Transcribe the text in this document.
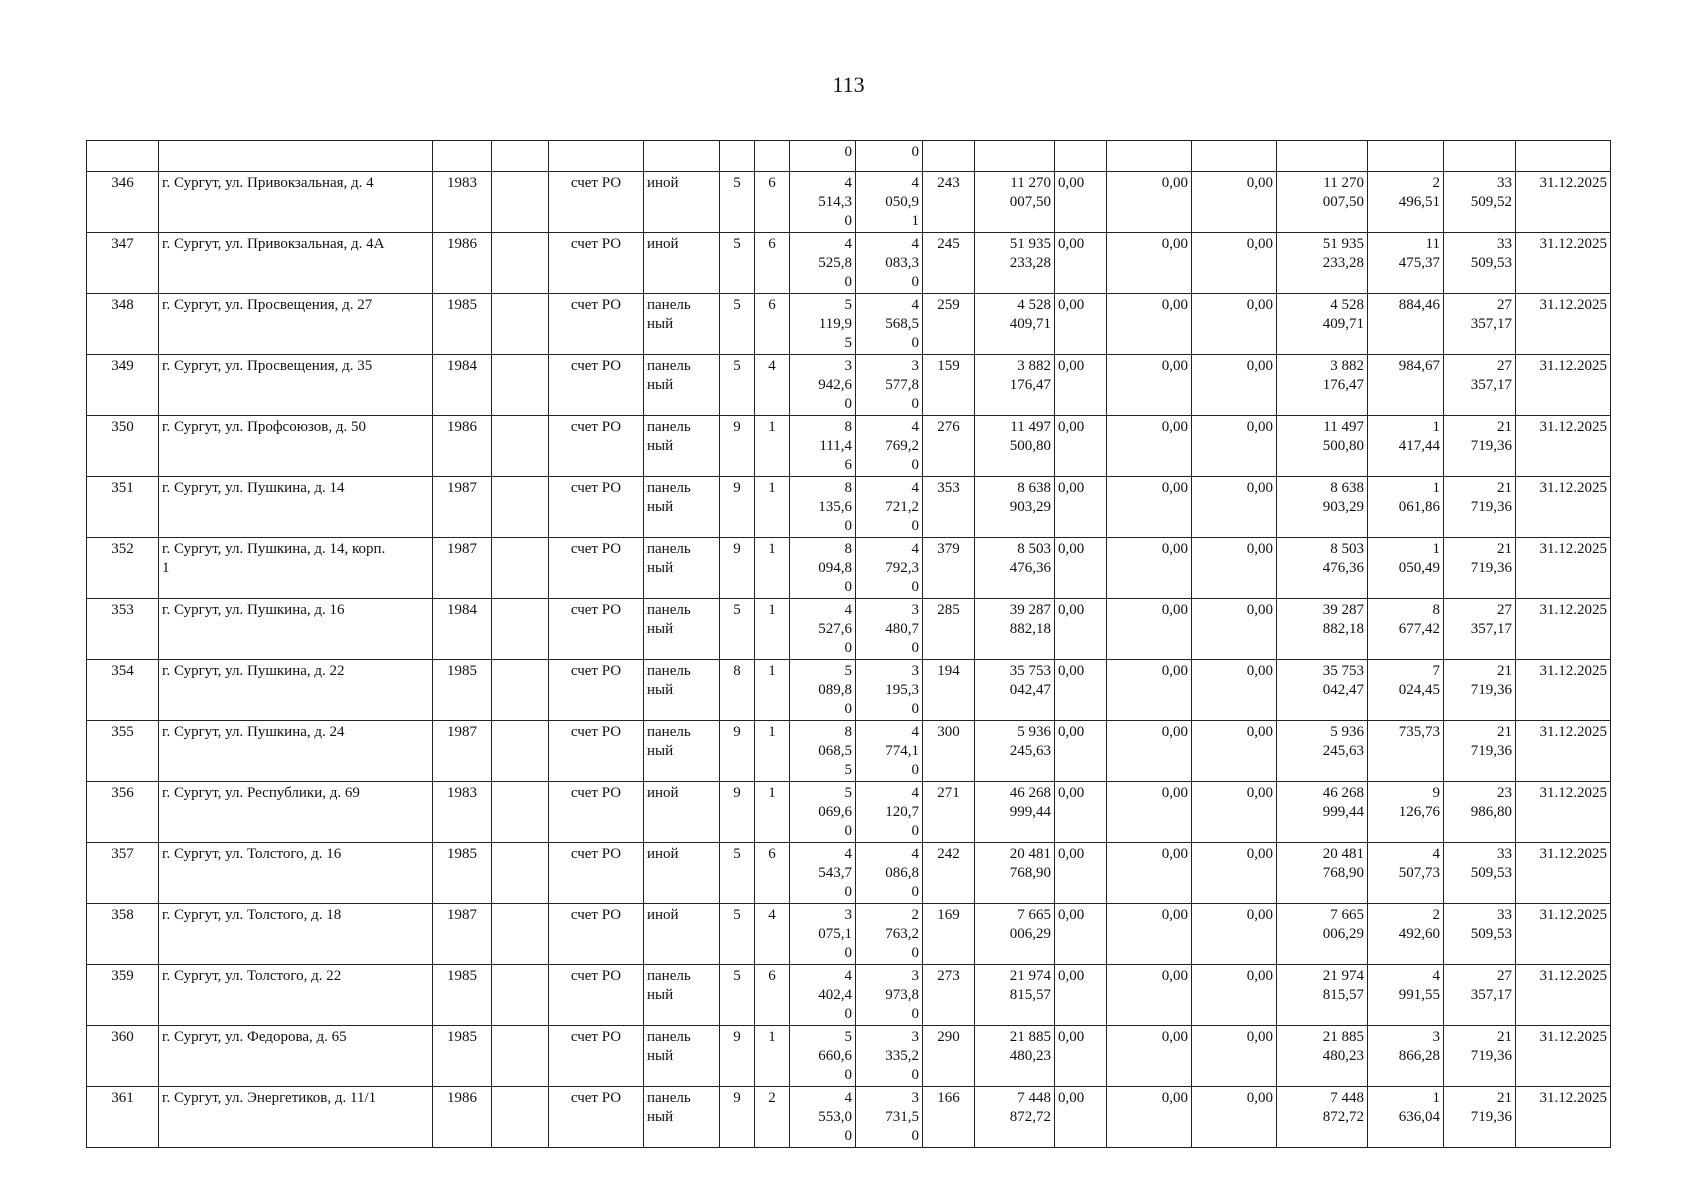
113
								0	0									
346	г. Сургут, ул. Привокзальная, д. 4	1983		счет РО	иной	5	6	4
514,3
0	4
050,9
1	243	11 270
007,50	0,00	0,00	0,00	11 270
007,50	2
496,51	33
509,52	31.12.2025
347	г. Сургут, ул. Привокзальная, д. 4А	1986		счет РО	иной	5	6	4
525,8
0	4
083,3
0	245	51 935
233,28	0,00	0,00	0,00	51 935
233,28	11
475,37	33
509,53	31.12.2025
348	г. Сургут, ул. Просвещения, д. 27	1985		счет РО	панель
ный	5	6	5
119,9
5	4
568,5
0	259	4 528
409,71	0,00	0,00	0,00	4 528
409,71	884,46	27
357,17	31.12.2025
349	г. Сургут, ул. Просвещения, д. 35	1984		счет РО	панель
ный	5	4	3
942,6
0	3
577,8
0	159	3 882
176,47	0,00	0,00	0,00	3 882
176,47	984,67	27
357,17	31.12.2025
350	г. Сургут, ул. Профсоюзов, д. 50	1986		счет РО	панель
ный	9	1	8
111,4
6	4
769,2
0	276	11 497
500,80	0,00	0,00	0,00	11 497
500,80	1
417,44	21
719,36	31.12.2025
351	г. Сургут, ул. Пушкина, д. 14	1987		счет РО	панель
ный	9	1	8
135,6
0	4
721,2
0	353	8 638
903,29	0,00	0,00	0,00	8 638
903,29	1
061,86	21
719,36	31.12.2025
352	г. Сургут, ул. Пушкина, д. 14, корп.
1	1987		счет РО	панель
ный	9	1	8
094,8
0	4
792,3
0	379	8 503
476,36	0,00	0,00	0,00	8 503
476,36	1
050,49	21
719,36	31.12.2025
353	г. Сургут, ул. Пушкина, д. 16	1984		счет РО	панель
ный	5	1	4
527,6
0	3
480,7
0	285	39 287
882,18	0,00	0,00	0,00	39 287
882,18	8
677,42	27
357,17	31.12.2025
354	г. Сургут, ул. Пушкина, д. 22	1985		счет РО	панель
ный	8	1	5
089,8
0	3
195,3
0	194	35 753
042,47	0,00	0,00	0,00	35 753
042,47	7
024,45	21
719,36	31.12.2025
355	г. Сургут, ул. Пушкина, д. 24	1987		счет РО	панель
ный	9	1	8
068,5
5	4
774,1
0	300	5 936
245,63	0,00	0,00	0,00	5 936
245,63	735,73	21
719,36	31.12.2025
356	г. Сургут, ул. Республики, д. 69	1983		счет РО	иной	9	1	5
069,6
0	4
120,7
0	271	46 268
999,44	0,00	0,00	0,00	46 268
999,44	9
126,76	23
986,80	31.12.2025
357	г. Сургут, ул. Толстого, д. 16	1985		счет РО	иной	5	6	4
543,7
0	4
086,8
0	242	20 481
768,90	0,00	0,00	0,00	20 481
768,90	4
507,73	33
509,53	31.12.2025
358	г. Сургут, ул. Толстого, д. 18	1987		счет РО	иной	5	4	3
075,1
0	2
763,2
0	169	7 665
006,29	0,00	0,00	0,00	7 665
006,29	2
492,60	33
509,53	31.12.2025
359	г. Сургут, ул. Толстого, д. 22	1985		счет РО	панель
ный	5	6	4
402,4
0	3
973,8
0	273	21 974
815,57	0,00	0,00	0,00	21 974
815,57	4
991,55	27
357,17	31.12.2025
360	г. Сургут, ул. Федорова, д. 65	1985		счет РО	панель
ный	9	1	5
660,6
0	3
335,2
0	290	21 885
480,23	0,00	0,00	0,00	21 885
480,23	3
866,28	21
719,36	31.12.2025
361	г. Сургут, ул. Энергетиков, д. 11/1	1986		счет РО	панель
ный	9	2	4
553,0
0	3
731,5
0	166	7 448
872,72	0,00	0,00	0,00	7 448
872,72	1
636,04	21
719,36	31.12.2025
